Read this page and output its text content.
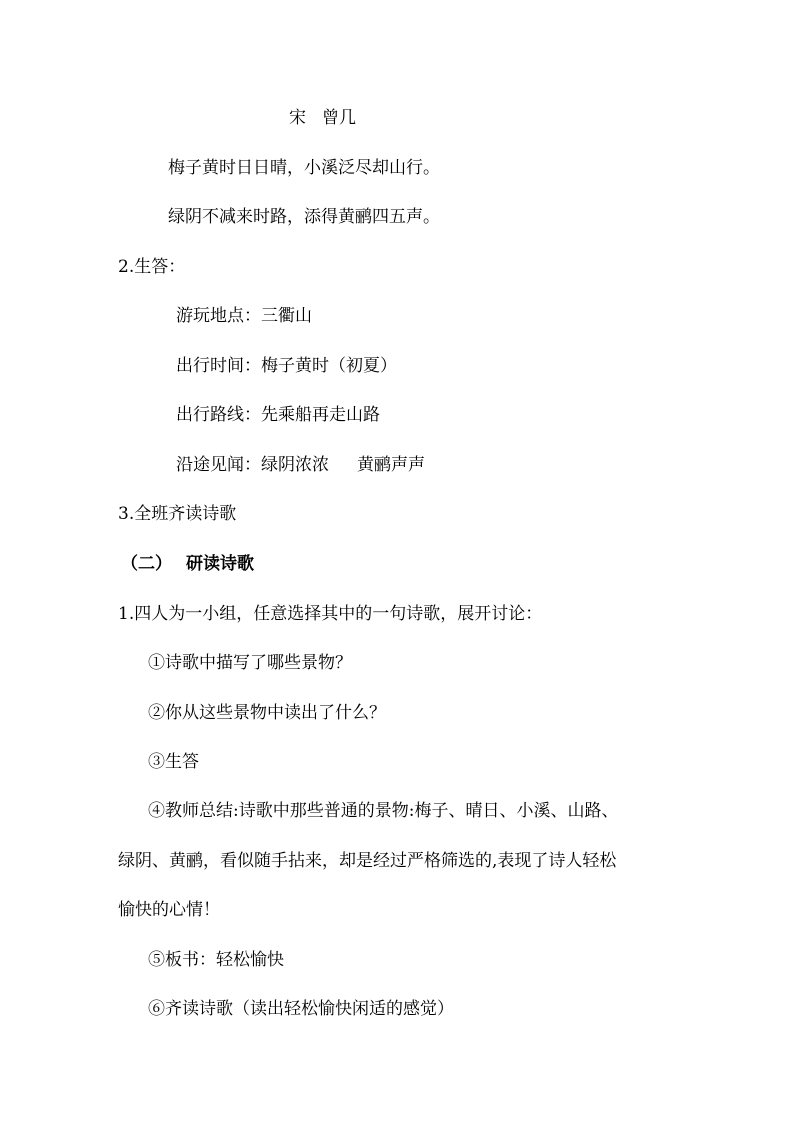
宋 曾几
梅子黄时日日晴，小溪泛尽却山行。
绿阴不减来时路，添得黄鹂四五声。
2.生答：
游玩地点：三衢山
出行时间：梅子黄时（初夏）
出行路线：先乘船再走山路
沿途见闻：绿阴浓浓 黄鹂声声
3.全班齐读诗歌
（二） 研读诗歌
1.四人为一小组，任意选择其中的一句诗歌，展开讨论：
①诗歌中描写了哪些景物？
②你从这些景物中读出了什么？
③生答
④教师总结:诗歌中那些普通的景物:梅子、晴日、小溪、山路、
绿阴、黄鹂，看似随手拈来，却是经过严格筛选的,表现了诗人轻松
愉快的心情！
⑤板书：轻松愉快
⑥齐读诗歌（读出轻松愉快闲适的感觉）
